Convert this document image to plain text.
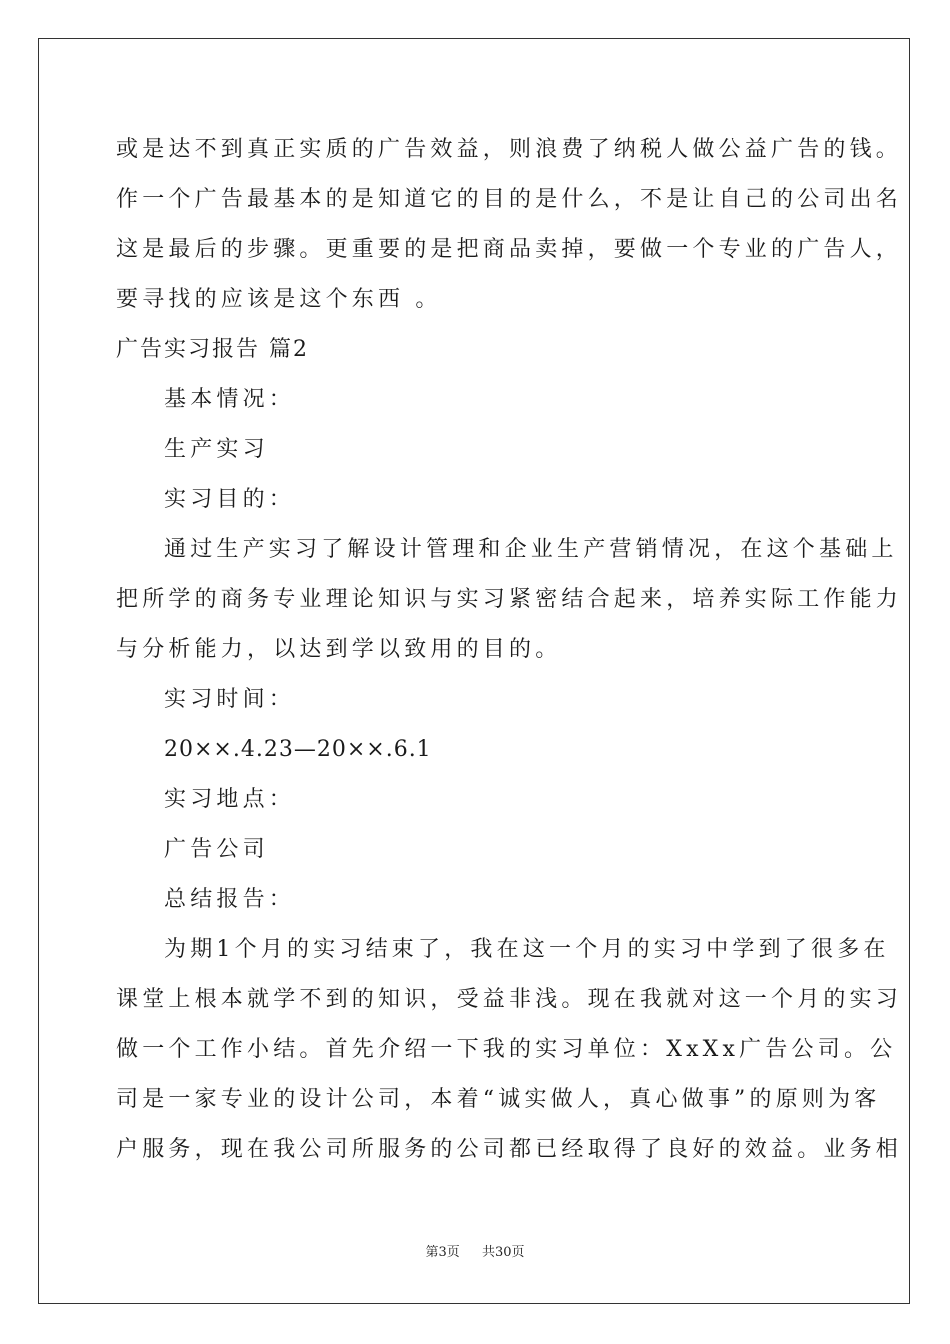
或是达不到真正实质的广告效益，则浪费了纳税人做公益广告的钱。
作一个广告最基本的是知道它的目的是什么，不是让自己的公司出名
这是最后的步骤。更重要的是把商品卖掉，要做一个专业的广告人，
要寻找的应该是这个东西 。
广告实习报告 篇2
基本情况：
生产实习
实习目的：
通过生产实习了解设计管理和企业生产营销情况，在这个基础上
把所学的商务专业理论知识与实习紧密结合起来，培养实际工作能力
与分析能力，以达到学以致用的目的。
实习时间：
20××.4.23—20××.6.1
实习地点：
广告公司
总结报告：
为期1个月的实习结束了，我在这一个月的实习中学到了很多在
课堂上根本就学不到的知识，受益非浅。现在我就对这一个月的实习
做一个工作小结。首先介绍一下我的实习单位：XxXx广告公司。公
司是一家专业的设计公司，本着“诚实做人，真心做事”的原则为客
户服务，现在我公司所服务的公司都已经取得了良好的效益。业务相
第3页 共30页
